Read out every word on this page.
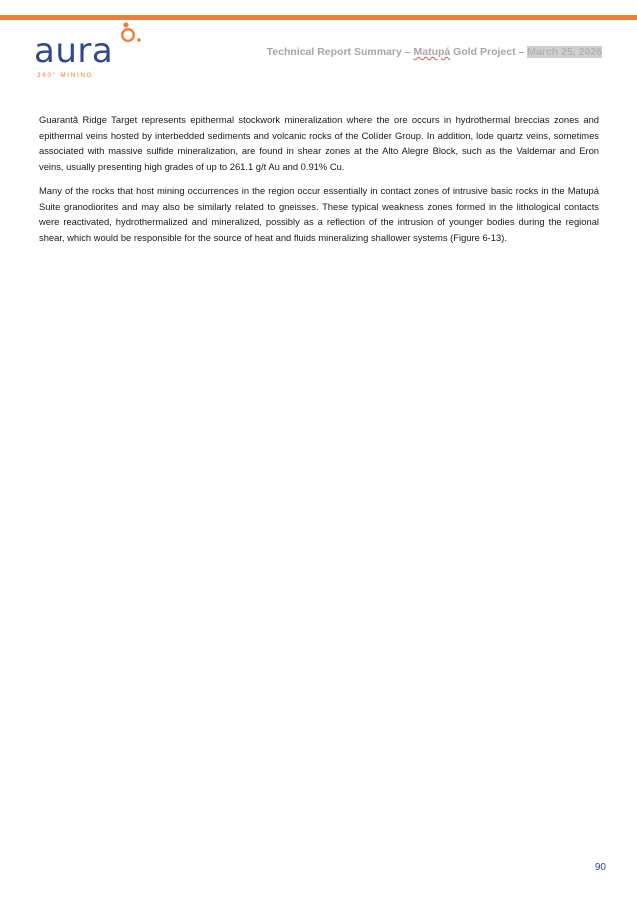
aura
360° MINING
Technical Report Summary – Matupá Gold Project – March 25, 2026

Guarantã Ridge Target represents epithermal stockwork mineralization where the ore occurs in hydrothermal breccias zones and epithermal veins hosted by interbedded sediments and volcanic rocks of the Colíder Group. In addition, lode quartz veins, sometimes associated with massive sulfide mineralization, are found in shear zones at the Alto Alegre Block, such as the Valdemar and Eron veins, usually presenting high grades of up to 261.1 g/t Au and 0.91% Cu.

Many of the rocks that host mining occurrences in the region occur essentially in contact zones of intrusive basic rocks in the Matupá Suite granodiorites and may also be similarly related to gneisses. These typical weakness zones formed in the lithological contacts were reactivated, hydrothermalized and mineralized, possibly as a reflection of the intrusion of younger bodies during the regional shear, which would be responsible for the source of heat and fluids mineralizing shallower systems (Figure 6-13).

90
